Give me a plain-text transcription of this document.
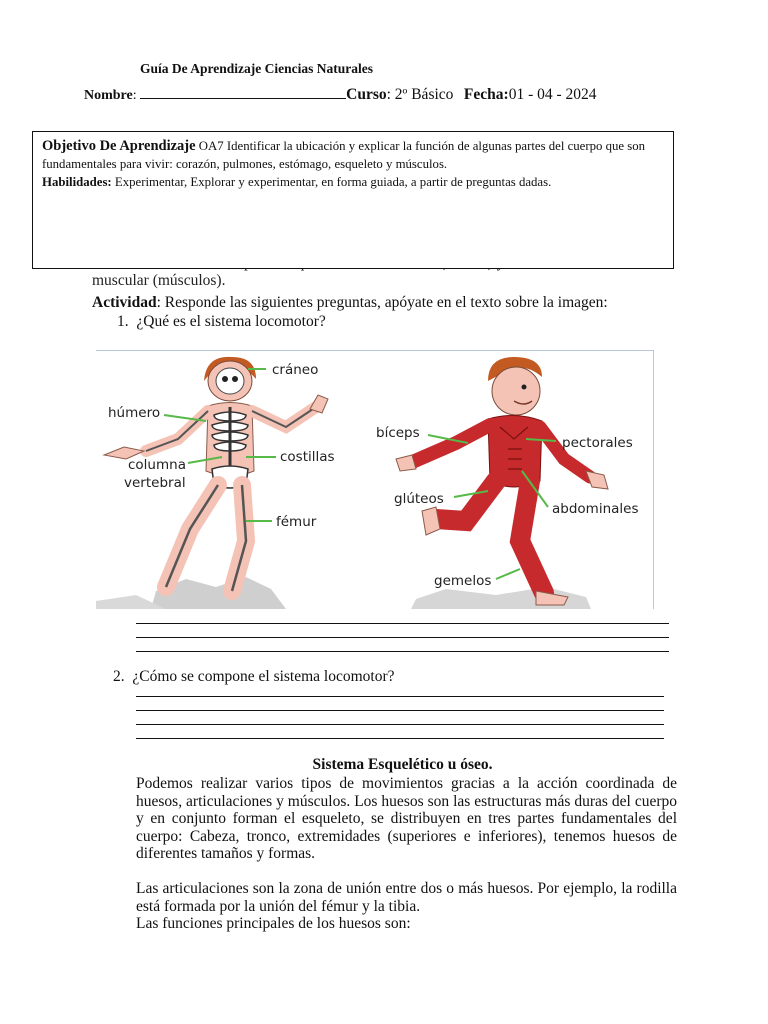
Guía De Aprendizaje Ciencias Naturales
Nombre:	Curso: 2º Básico Fecha:01 - 04 - 2024
muscular (músculos).
Objetivo De Aprendizaje OA7 Identificar la ubicación y explicar la función de algunas partes del cuerpo que son fundamentales para vivir: corazón, pulmones, estómago, esqueleto y músculos.
Habilidades: Experimentar, Explorar y experimentar, en forma guiada, a partir de preguntas dadas.
Actividad: Responde las siguientes preguntas, apóyate en el texto sobre la imagen:
1. ¿Qué es el sistema locomotor?
cráneo
húmero
columna
vertebral
costillas
fémur
bíceps
pectorales
glúteos
abdominales
gemelos
2. ¿Cómo se compone el sistema locomotor?
Sistema Esquelético u óseo.
Podemos realizar varios tipos de movimientos gracias a la acción coordinada de huesos, articulaciones y músculos. Los huesos son las estructuras más duras del cuerpo y en conjunto forman el esqueleto, se distribuyen en tres partes fundamentales del cuerpo: Cabeza, tronco, extremidades (superiores e inferiores), tenemos huesos de diferentes tamaños y formas.
Las articulaciones son la zona de unión entre dos o más huesos. Por ejemplo, la rodilla está formada por la unión del fémur y la tibia.
Las funciones principales de los huesos son:
